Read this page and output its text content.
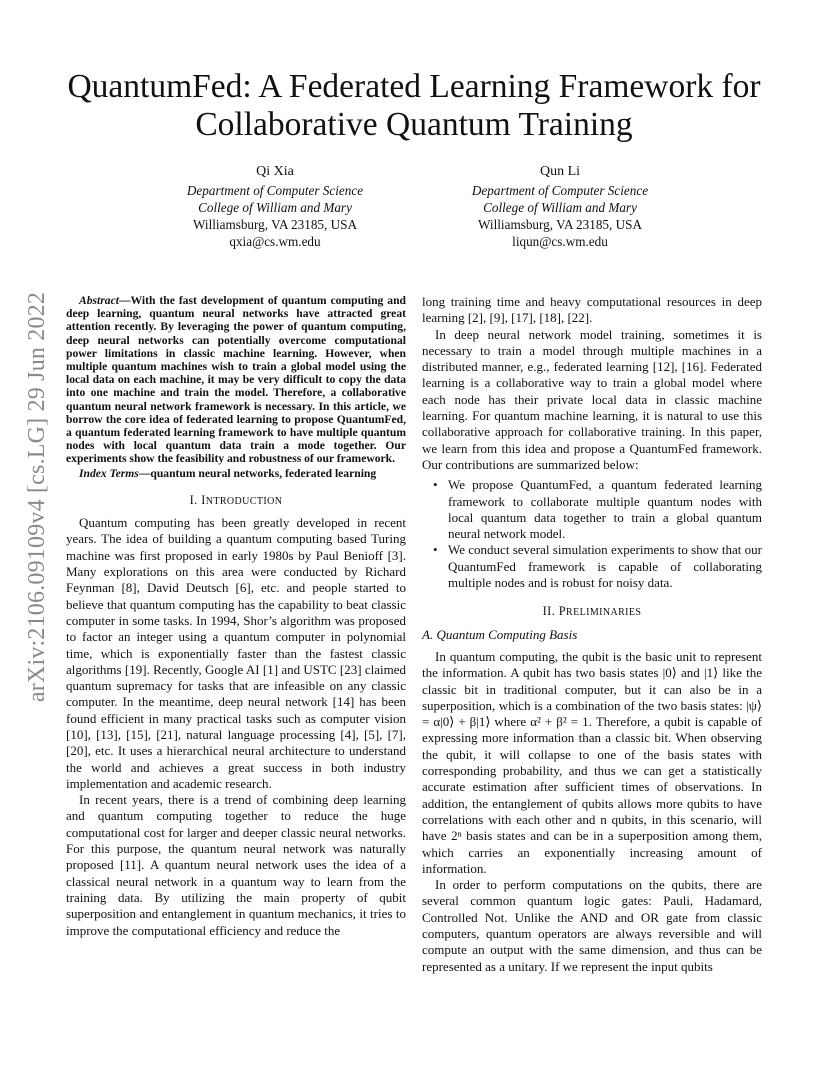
arXiv:2106.09109v4 [cs.LG] 29 Jun 2022
QuantumFed: A Federated Learning Framework for
Collaborative Quantum Training
Qi Xia
Department of Computer Science
College of William and Mary
Williamsburg, VA 23185, USA
qxia@cs.wm.edu
Qun Li
Department of Computer Science
College of William and Mary
Williamsburg, VA 23185, USA
liqun@cs.wm.edu

Abstract—With the fast development of quantum computing and deep learning, quantum neural networks have attracted great attention recently. By leveraging the power of quantum computing, deep neural networks can potentially overcome computational power limitations in classic machine learning. However, when multiple quantum machines wish to train a global model using the local data on each machine, it may be very difficult to copy the data into one machine and train the model. Therefore, a collaborative quantum neural network framework is necessary. In this article, we borrow the core idea of federated learning to propose QuantumFed, a quantum federated learning framework to have multiple quantum nodes with local quantum data train a mode together. Our experiments show the feasibility and robustness of our framework.

Index Terms—quantum neural networks, federated learning

I. INTRODUCTION

Quantum computing has been greatly developed in recent years. The idea of building a quantum computing based Turing machine was first proposed in early 1980s by Paul Benioff [3]. Many explorations on this area were conducted by Richard Feynman [8], David Deutsch [6], etc. and people started to believe that quantum computing has the capability to beat classic computer in some tasks. In 1994, Shor’s algorithm was proposed to factor an integer using a quantum computer in polynomial time, which is exponentially faster than the fastest classic algorithms [19]. Recently, Google AI [1] and USTC [23] claimed quantum supremacy for tasks that are infeasible on any classic computer. In the meantime, deep neural network [14] has been found efficient in many practical tasks such as computer vision [10], [13], [15], [21], natural language processing [4], [5], [7], [20], etc. It uses a hierarchical neural architecture to understand the world and achieves a great success in both industry implementation and academic research.

In recent years, there is a trend of combining deep learning and quantum computing together to reduce the huge computational cost for larger and deeper classic neural networks. For this purpose, the quantum neural network was naturally proposed [11]. A quantum neural network uses the idea of a classical neural network in a quantum way to learn from the training data. By utilizing the main property of qubit superposition and entanglement in quantum mechanics, it tries to improve the computational efficiency and reduce the

long training time and heavy computational resources in deep learning [2], [9], [17], [18], [22].

In deep neural network model training, sometimes it is necessary to train a model through multiple machines in a distributed manner, e.g., federated learning [12], [16]. Federated learning is a collaborative way to train a global model where each node has their private local data in classic machine learning. For quantum machine learning, it is natural to use this collaborative approach for collaborative training. In this paper, we learn from this idea and propose a QuantumFed framework. Our contributions are summarized below:

• We propose QuantumFed, a quantum federated learning framework to collaborate multiple quantum nodes with local quantum data together to train a global quantum neural network model.
• We conduct several simulation experiments to show that our QuantumFed framework is capable of collaborating multiple nodes and is robust for noisy data.

II. PRELIMINARIES

A. Quantum Computing Basis

In quantum computing, the qubit is the basic unit to represent the information. A qubit has two basis states |0⟩ and |1⟩ like the classic bit in traditional computer, but it can also be in a superposition, which is a combination of the two basis states: |ψ⟩ = α|0⟩ + β|1⟩ where α² + β² = 1. Therefore, a qubit is capable of expressing more information than a classic bit. When observing the qubit, it will collapse to one of the basis states with corresponding probability, and thus we can get a statistically accurate estimation after sufficient times of observations. In addition, the entanglement of qubits allows more qubits to have correlations with each other and n qubits, in this scenario, will have 2ⁿ basis states and can be in a superposition among them, which carries an exponentially increasing amount of information.

In order to perform computations on the qubits, there are several common quantum logic gates: Pauli, Hadamard, Controlled Not. Unlike the AND and OR gate from classic computers, quantum operators are always reversible and will compute an output with the same dimension, and thus can be represented as a unitary. If we represent the input qubits
